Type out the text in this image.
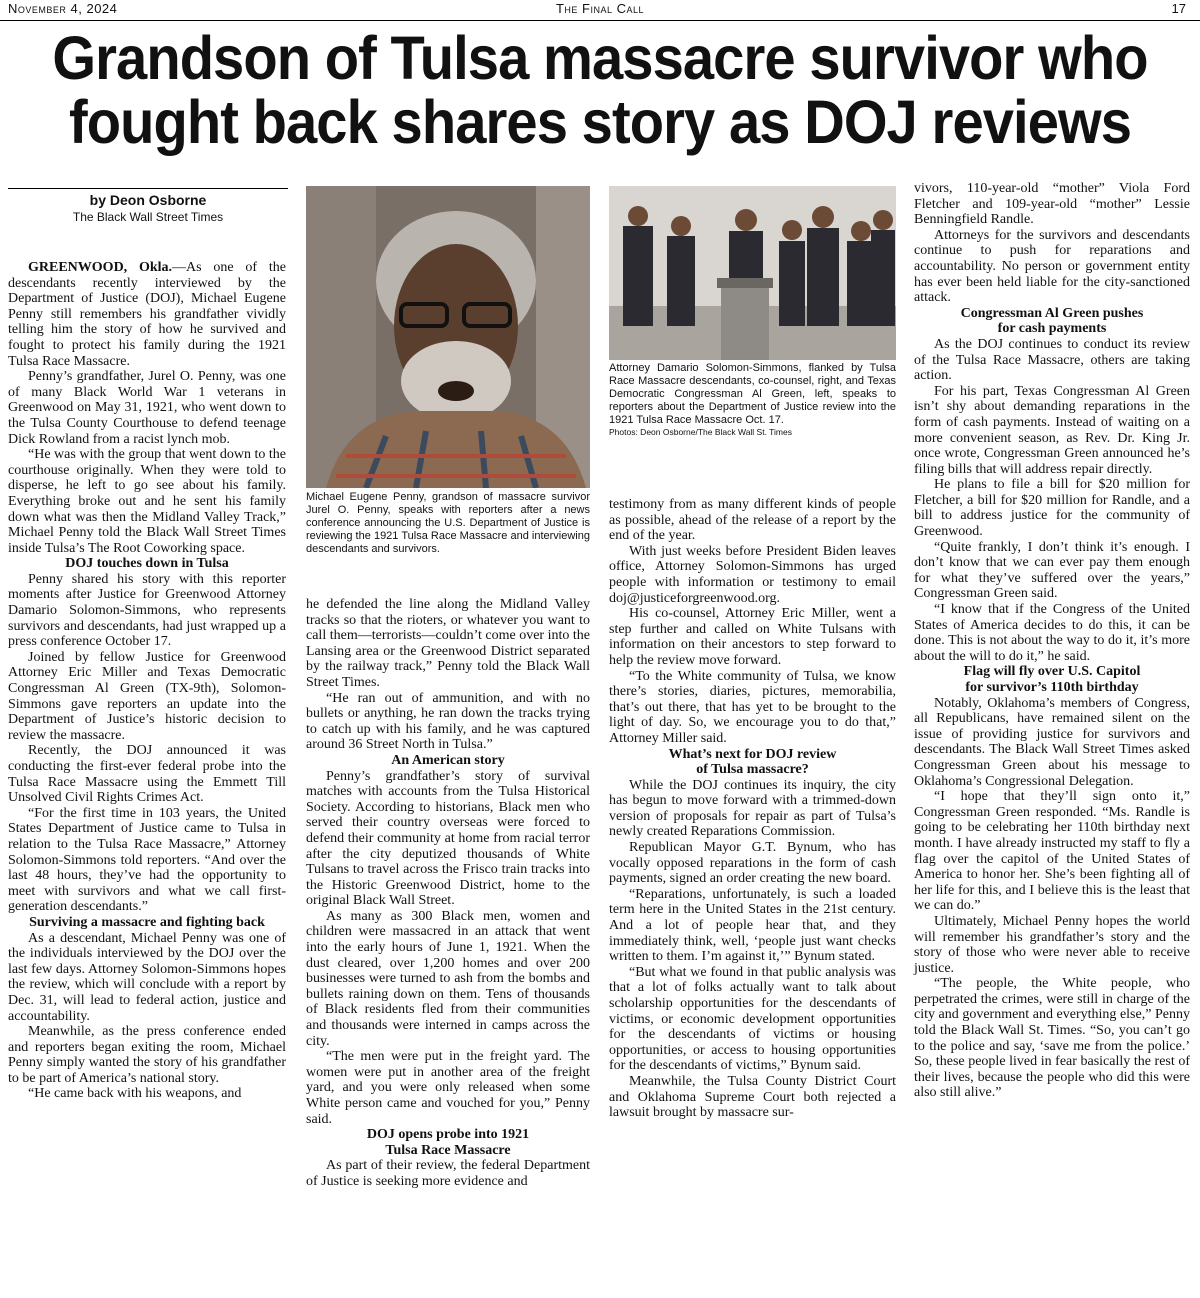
November 4, 2024	The Final Call	17
Grandson of Tulsa massacre survivor who
fought back shares story as DOJ reviews
by Deon Osborne
The Black Wall Street Times

GREENWOOD, Okla.—As one of the descendants recently interviewed by the Department of Justice (DOJ), Michael Eugene Penny still remembers his grandfather vividly telling him the story of how he survived and fought to protect his family during the 1921 Tulsa Race Massacre.

Penny’s grandfather, Jurel O. Penny, was one of many Black World War 1 veterans in Greenwood on May 31, 1921, who went down to the Tulsa County Courthouse to defend teenage Dick Rowland from a racist lynch mob.

“He was with the group that went down to the courthouse originally. When they were told to disperse, he left to go see about his family. Everything broke out and he sent his family down what was then the Midland Valley Track,” Michael Penny told the Black Wall Street Times inside Tulsa’s The Root Coworking space.

DOJ touches down in Tulsa

Penny shared his story with this reporter moments after Justice for Greenwood Attorney Damario Solomon-Simmons, who represents survivors and descendants, had just wrapped up a press conference October 17.

Joined by fellow Justice for Greenwood Attorney Eric Miller and Texas Democratic Congressman Al Green (TX-9th), Solomon-Simmons gave reporters an update into the Department of Justice’s historic decision to review the massacre.

Recently, the DOJ announced it was conducting the first-ever federal probe into the Tulsa Race Massacre using the Emmett Till Unsolved Civil Rights Crimes Act.

“For the first time in 103 years, the United States Department of Justice came to Tulsa in relation to the Tulsa Race Massacre,” Attorney Solomon-Simmons told reporters. “And over the last 48 hours, they’ve had the opportunity to meet with survivors and what we call first-generation descendants.”

Surviving a massacre and fighting back

As a descendant, Michael Penny was one of the individuals interviewed by the DOJ over the last few days. Attorney Solomon-Simmons hopes the review, which will conclude with a report by Dec. 31, will lead to federal action, justice and accountability.

Meanwhile, as the press conference ended and reporters began exiting the room, Michael Penny simply wanted the story of his grandfather to be part of America’s national story.

“He came back with his weapons, and

Michael Eugene Penny, grandson of massacre survivor Jurel O. Penny, speaks with reporters after a news conference announcing the U.S. Department of Justice is reviewing the 1921 Tulsa Race Massacre and interviewing descendants and survivors.

he defended the line along the Midland Valley tracks so that the rioters, or whatever you want to call them—terrorists—couldn’t come over into the Lansing area or the Greenwood District separated by the railway track,” Penny told the Black Wall Street Times.

“He ran out of ammunition, and with no bullets or anything, he ran down the tracks trying to catch up with his family, and he was captured around 36 Street North in Tulsa.”

An American story

Penny’s grandfather’s story of survival matches with accounts from the Tulsa Historical Society. According to historians, Black men who served their country overseas were forced to defend their community at home from racial terror after the city deputized thousands of White Tulsans to travel across the Frisco train tracks into the Historic Greenwood District, home to the original Black Wall Street.

As many as 300 Black men, women and children were massacred in an attack that went into the early hours of June 1, 1921. When the dust cleared, over 1,200 homes and over 200 businesses were turned to ash from the bombs and bullets raining down on them. Tens of thousands of Black residents fled from their communities and thousands were interned in camps across the city.

“The men were put in the freight yard. The women were put in another area of the freight yard, and you were only released when some White person came and vouched for you,” Penny said.

DOJ opens probe into 1921
Tulsa Race Massacre

As part of their review, the federal Department of Justice is seeking more evidence and

Attorney Damario Solomon-Simmons, flanked by Tulsa Race Massacre descendants, co-counsel, right, and Texas Democratic Congressman Al Green, left, speaks to reporters about the Department of Justice review into the 1921 Tulsa Race Massacre Oct. 17.
Photos: Deon Osborne/The Black Wall St. Times

testimony from as many different kinds of people as possible, ahead of the release of a report by the end of the year.

With just weeks before President Biden leaves office, Attorney Solomon-Simmons has urged people with information or testimony to email doj@justiceforgreenwood.org.

His co-counsel, Attorney Eric Miller, went a step further and called on White Tulsans with information on their ancestors to step forward to help the review move forward.

“To the White community of Tulsa, we know there’s stories, diaries, pictures, memorabilia, that’s out there, that has yet to be brought to the light of day. So, we encourage you to do that,” Attorney Miller said.

What’s next for DOJ review
of Tulsa massacre?

While the DOJ continues its inquiry, the city has begun to move forward with a trimmed-down version of proposals for repair as part of Tulsa’s newly created Reparations Commission.

Republican Mayor G.T. Bynum, who has vocally opposed reparations in the form of cash payments, signed an order creating the new board.

“Reparations, unfortunately, is such a loaded term here in the United States in the 21st century. And a lot of people hear that, and they immediately think, well, ‘people just want checks written to them. I’m against it,’” Bynum stated.

“But what we found in that public analysis was that a lot of folks actually want to talk about scholarship opportunities for the descendants of victims, or economic development opportunities for the descendants of victims or housing opportunities, or access to housing opportunities for the descendants of victims,” Bynum said.

Meanwhile, the Tulsa County District Court and Oklahoma Supreme Court both rejected a lawsuit brought by massacre sur-

vivors, 110-year-old “mother” Viola Ford Fletcher and 109-year-old “mother” Lessie Benningfield Randle.

Attorneys for the survivors and descendants continue to push for reparations and accountability. No person or government entity has ever been held liable for the city-sanctioned attack.

Congressman Al Green pushes
for cash payments

As the DOJ continues to conduct its review of the Tulsa Race Massacre, others are taking action.

For his part, Texas Congressman Al Green isn’t shy about demanding reparations in the form of cash payments. Instead of waiting on a more convenient season, as Rev. Dr. King Jr. once wrote, Congressman Green announced he’s filing bills that will address repair directly.

He plans to file a bill for $20 million for Fletcher, a bill for $20 million for Randle, and a bill to address justice for the community of Greenwood.

“Quite frankly, I don’t think it’s enough. I don’t know that we can ever pay them enough for what they’ve suffered over the years,” Congressman Green said.

“I know that if the Congress of the United States of America decides to do this, it can be done. This is not about the way to do it, it’s more about the will to do it,” he said.

Flag will fly over U.S. Capitol
for survivor’s 110th birthday

Notably, Oklahoma’s members of Congress, all Republicans, have remained silent on the issue of providing justice for survivors and descendants. The Black Wall Street Times asked Congressman Green about his message to Oklahoma’s Congressional Delegation.

“I hope that they’ll sign onto it,” Congressman Green responded. “Ms. Randle is going to be celebrating her 110th birthday next month. I have already instructed my staff to fly a flag over the capitol of the United States of America to honor her. She’s been fighting all of her life for this, and I believe this is the least that we can do.”

Ultimately, Michael Penny hopes the world will remember his grandfather’s story and the story of those who were never able to receive justice.

“The people, the White people, who perpetrated the crimes, were still in charge of the city and government and everything else,” Penny told the Black Wall St. Times. “So, you can’t go to the police and say, ‘save me from the police.’ So, these people lived in fear basically the rest of their lives, because the people who did this were also still alive.”
